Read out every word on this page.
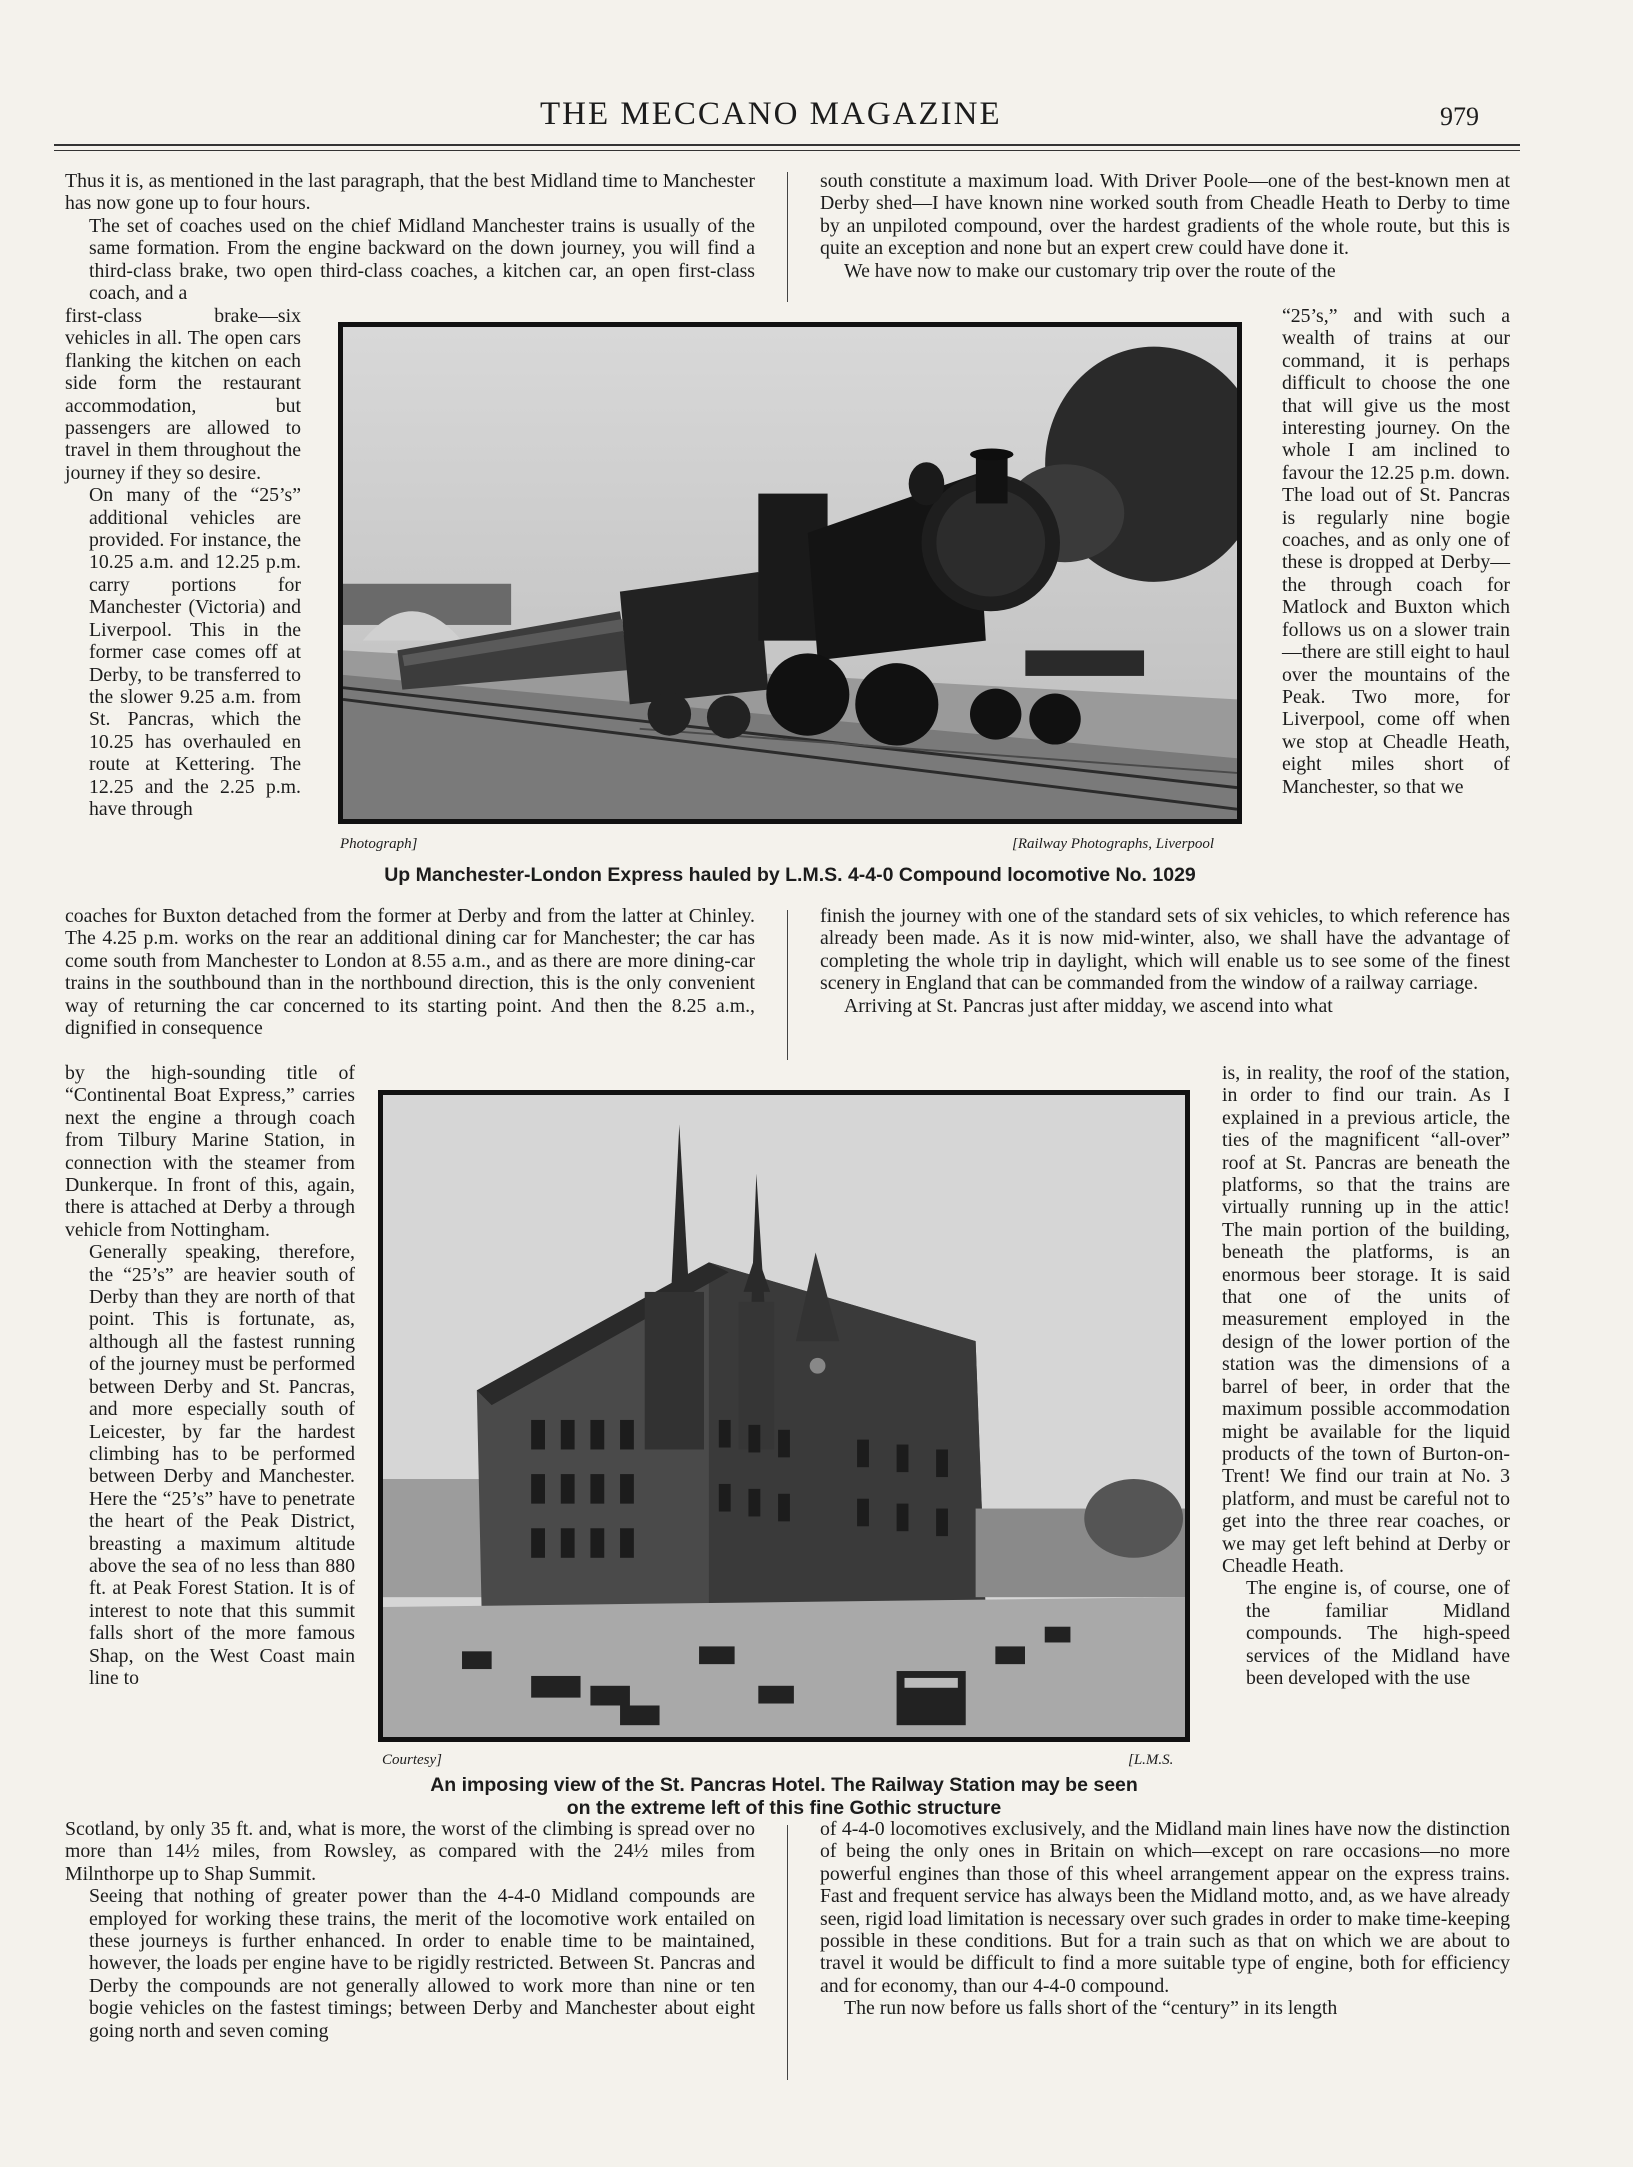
THE MECCANO MAGAZINE	979
Thus it is, as mentioned in the last paragraph, that the best Midland time to Manchester has now gone up to four hours.
The set of coaches used on the chief Midland Manchester trains is usually of the same formation. From the engine backward on the down journey, you will find a third-class brake, two open third-class coaches, a kitchen car, an open first-class coach, and a
south constitute a maximum load. With Driver Poole—one of the best-known men at Derby shed—I have known nine worked south from Cheadle Heath to Derby to time by an unpiloted compound, over the hardest gradients of the whole route, but this is quite an exception and none but an expert crew could have done it.
We have now to make our customary trip over the route of the
first-class brake—six vehicles in all. The open cars flanking the kitchen on each side form the restaurant accommodation, but passengers are allowed to travel in them throughout the journey if they so desire.
On many of the “25’s” additional vehicles are provided. For instance, the 10.25 a.m. and 12.25 p.m. carry portions for Manchester (Victoria) and Liverpool. This in the former case comes off at Derby, to be transferred to the slower 9.25 a.m. from St. Pancras, which the 10.25 has overhauled en route at Kettering. The 12.25 and the 2.25 p.m. have through
“25’s,” and with such a wealth of trains at our command, it is perhaps difficult to choose the one that will give us the most interesting journey. On the whole I am inclined to favour the 12.25 p.m. down. The load out of St. Pancras is regularly nine bogie coaches, and as only one of these is dropped at Derby—the through coach for Matlock and Buxton which follows us on a slower train—there are still eight to haul over the mountains of the Peak. Two more, for Liverpool, come off when we stop at Cheadle Heath, eight miles short of Manchester, so that we
coaches for Buxton detached from the former at Derby and from the latter at Chinley. The 4.25 p.m. works on the rear an additional dining car for Manchester; the car has come south from Manchester to London at 8.55 a.m., and as there are more dining-car trains in the southbound than in the northbound direction, this is the only convenient way of returning the car concerned to its starting point. And then the 8.25 a.m., dignified in consequence
finish the journey with one of the standard sets of six vehicles, to which reference has already been made. As it is now mid-winter, also, we shall have the advantage of completing the whole trip in daylight, which will enable us to see some of the finest scenery in England that can be commanded from the window of a railway carriage.
Arriving at St. Pancras just after midday, we ascend into what
by the high-sounding title of “Continental Boat Express,” carries next the engine a through coach from Tilbury Marine Station, in connection with the steamer from Dunkerque. In front of this, again, there is attached at Derby a through vehicle from Nottingham.
Generally speaking, therefore, the “25’s” are heavier south of Derby than they are north of that point. This is fortunate, as, although all the fastest running of the journey must be performed between Derby and St. Pancras, and more especially south of Leicester, by far the hardest climbing has to be performed between Derby and Manchester. Here the “25’s” have to penetrate the heart of the Peak District, breasting a maximum altitude above the sea of no less than 880 ft. at Peak Forest Station. It is of interest to note that this summit falls short of the more famous Shap, on the West Coast main line to
is, in reality, the roof of the station, in order to find our train. As I explained in a previous article, the ties of the magnificent “all-over” roof at St. Pancras are beneath the platforms, so that the trains are virtually running up in the attic! The main portion of the building, beneath the platforms, is an enormous beer storage. It is said that one of the units of measurement employed in the design of the lower portion of the station was the dimensions of a barrel of beer, in order that the maximum possible accommodation might be available for the liquid products of the town of Burton-on-Trent! We find our train at No. 3 platform, and must be careful not to get into the three rear coaches, or we may get left behind at Derby or Cheadle Heath.
The engine is, of course, one of the familiar Midland compounds. The high-speed services of the Midland have been developed with the use
Scotland, by only 35 ft. and, what is more, the worst of the climbing is spread over no more than 14½ miles, from Rowsley, as compared with the 24½ miles from Milnthorpe up to Shap Summit.
Seeing that nothing of greater power than the 4-4-0 Midland compounds are employed for working these trains, the merit of the locomotive work entailed on these journeys is further enhanced. In order to enable time to be maintained, however, the loads per engine have to be rigidly restricted. Between St. Pancras and Derby the compounds are not generally allowed to work more than nine or ten bogie vehicles on the fastest timings; between Derby and Manchester about eight going north and seven coming
of 4-4-0 locomotives exclusively, and the Midland main lines have now the distinction of being the only ones in Britain on which—except on rare occasions—no more powerful engines than those of this wheel arrangement appear on the express trains. Fast and frequent service has always been the Midland motto, and, as we have already seen, rigid load limitation is necessary over such grades in order to make time-keeping possible in these conditions. But for a train such as that on which we are about to travel it would be difficult to find a more suitable type of engine, both for efficiency and for economy, than our 4-4-0 compound.
The run now before us falls short of the “century” in its length
Photograph]	[Railway Photographs, Liverpool
Up Manchester-London Express hauled by L.M.S. 4-4-0 Compound locomotive No. 1029
Courtesy]	[L.M.S.
An imposing view of the St. Pancras Hotel. The Railway Station may be seen
on the extreme left of this fine Gothic structure
